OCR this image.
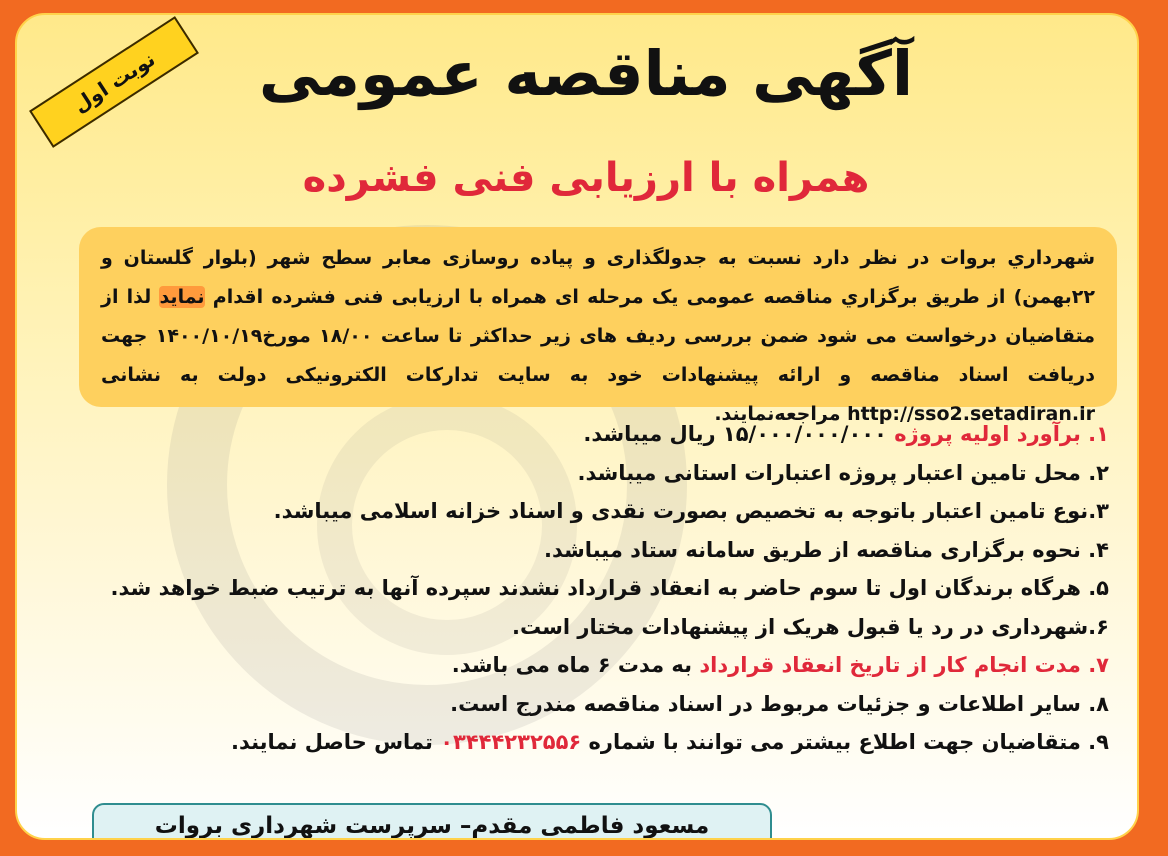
نوبت اول	آگهی مناقصه عمومی
همراه با ارزیابی فنی فشرده
شهرداري بروات در نظر دارد نسبت به جدولگذاری و پیاده روسازی معابر سطح شهر (بلوار گلستان و ۲۲بهمن) از طریق برگزاري مناقصه عمومی یک مرحله ای همراه با ارزیابی فنی فشرده اقدام نماید لذا از متقاضیان درخواست می شود ضمن بررسی ردیف های زیر حداکثر تا ساعت ۱۸/۰۰ مورخ۱۴۰۰/۱۰/۱۹ جهت دریافت اسناد مناقصه و ارائه پیشنهادات خود به سایت تدارکات الکترونیکی دولت به نشانی http://sso2.setadiran.ir مراجعه‌نمایند.
۱. برآورد اولیه پروژه ۱۵/۰۰۰/۰۰۰/۰۰۰ ریال میباشد.
۲. محل تامین اعتبار پروژه اعتبارات استانی میباشد.
۳.نوع تامین اعتبار باتوجه به تخصیص بصورت نقدی و اسناد خزانه اسلامی میباشد.
۴. نحوه برگزاری مناقصه از طریق سامانه ستاد میباشد.
۵. هرگاه برندگان اول تا سوم حاضر به انعقاد قرارداد نشدند سپرده آنها به ترتیب ضبط خواهد شد.
۶.شهرداری در رد یا قبول هریک از پیشنهادات مختار است.
۷. مدت انجام کار از تاریخ انعقاد قرارداد به مدت ۶ ماه می باشد.
۸. سایر اطلاعات و جزئیات مربوط در اسناد مناقصه مندرج است.
۹. متقاضیان جهت اطلاع بیشتر می توانند با شماره ۰۳۴۴۴۲۳۲۵۵۶ تماس حاصل نمایند.
مسعود فاطمی مقدم– سرپرست شهرداری بروات
